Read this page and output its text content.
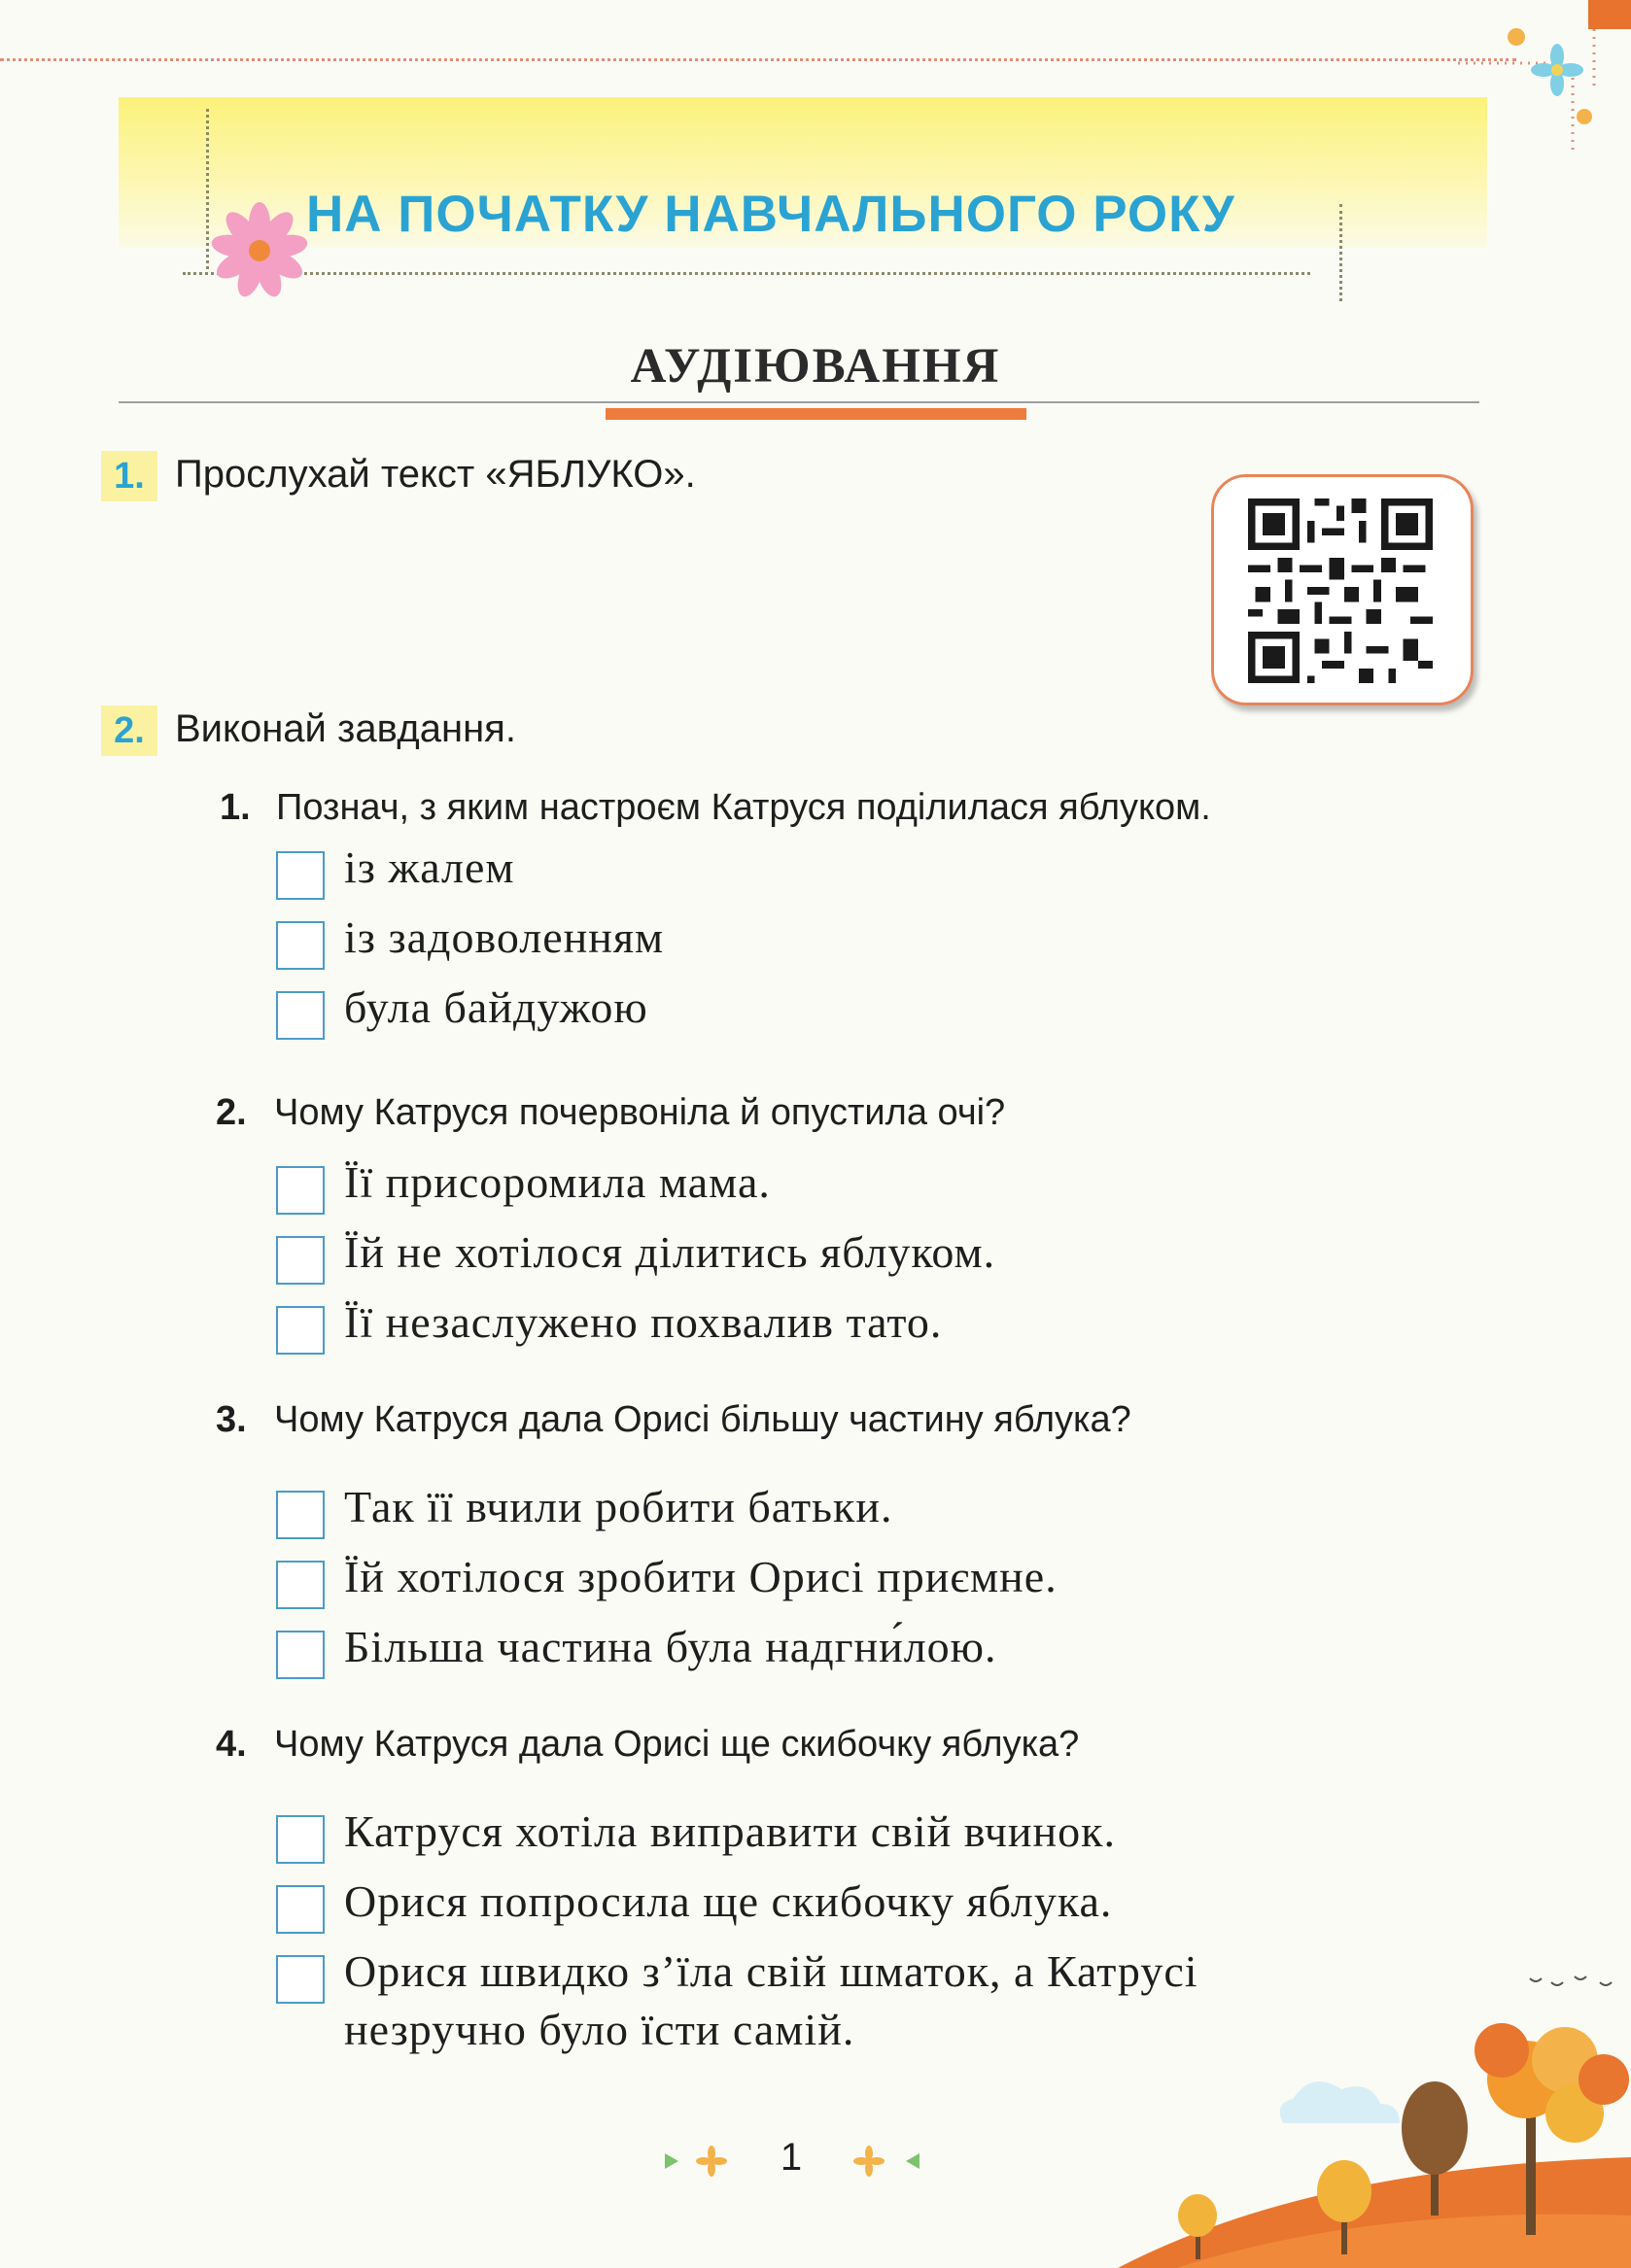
НА ПОЧАТКУ НАВЧАЛЬНОГО РОКУ
АУДІЮВАННЯ
1. Прослухай текст «ЯБЛУКО».
2. Виконай завдання.
1. Познач, з яким настроєм Катруся поділилася яблуком.
із жалем
із задоволенням
була байдужою
2. Чому Катруся почервоніла й опустила очі?
Її присоромила мама.
Їй не хотілося ділитись яблуком.
Її незаслужено похвалив тато.
3. Чому Катруся дала Орисі більшу частину яблука?
Так її вчили робити батьки.
Їй хотілося зробити Орисі приємне.
Більша частина була надгни́лою.
4. Чому Катруся дала Орисі ще скибочку яблука?
Катруся хотіла виправити свій вчинок.
Орися попросила ще скибочку яблука.
Орися швидко з’їла свій шматок, а Катрусі
незручно було їсти самій.
1
